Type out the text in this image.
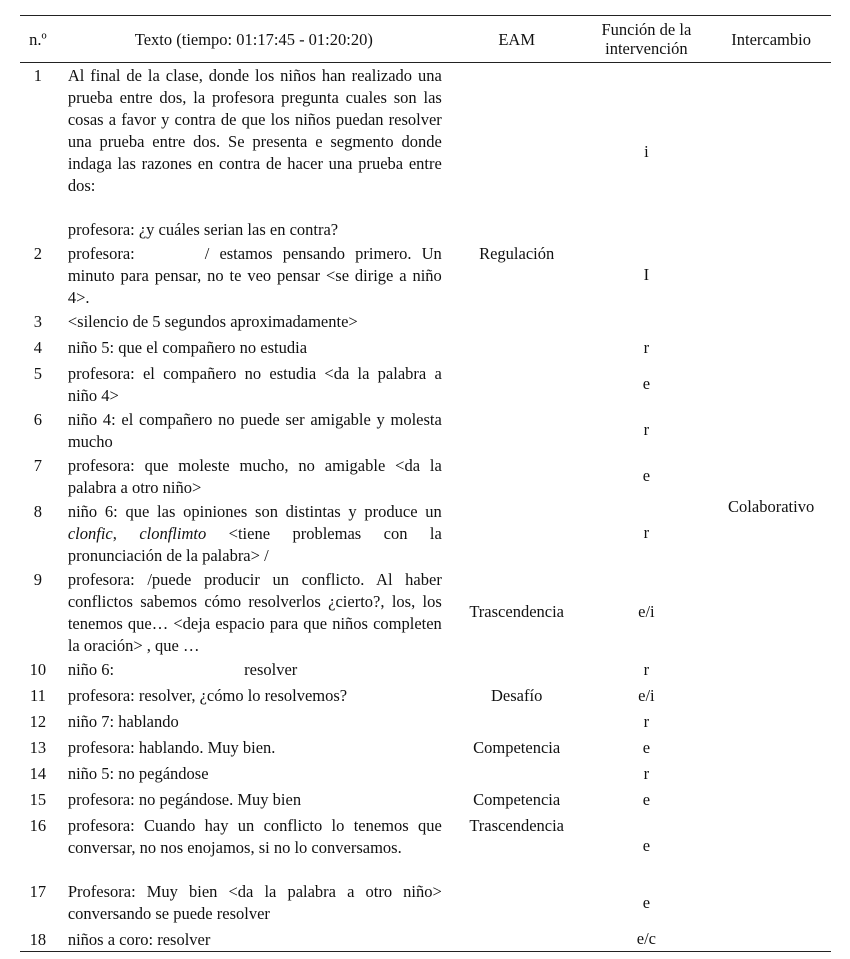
n.º	Texto (tiempo: 01:17:45 - 01:20:20)	EAM	Función de la intervención	Intercambio
1	Al final de la clase, donde los niños han realizado una prueba entre dos, la profesora pregunta cuales son las cosas a favor y contra de que los niños puedan resolver una prueba entre dos. Se presenta e segmento donde indaga las razones en contra de hacer una prueba entre dos:
profesora: ¿y cuáles serian las en contra?		i	Colaborativo
2	profesora: / estamos pensando primero. Un minuto para pensar, no te veo pensar <se dirige a niño 4>.	Regulación	I	
3	<silencio de 5 segundos aproximadamente>			
4	niño 5: que el compañero no estudia		r	
5	profesora: el compañero no estudia <da la palabra a niño 4>		e	
6	niño 4: el compañero no puede ser amigable y molesta mucho		r	
7	profesora: que moleste mucho, no amigable <da la palabra a otro niño>		e	
8	niño 6: que las opiniones son distintas y produce un clonfic, clonflimto <tiene problemas con la pronunciación de la palabra> /		r	
9	profesora: /puede producir un conflicto. Al haber conflictos sabemos cómo resolverlos ¿cierto?, los, los tenemos que… <deja espacio para que niños completen la oración> , que …	Trascendencia	e/i	
10	niño 6: resolver		r	
11	profesora: resolver, ¿cómo lo resolvemos?	Desafío	e/i	
12	niño 7: hablando		r	
13	profesora: hablando. Muy bien.	Competencia	e	
14	niño 5: no pegándose		r	
15	profesora: no pegándose. Muy bien	Competencia	e	
16	profesora: Cuando hay un conflicto lo tenemos que conversar, no nos enojamos, si no lo conversamos.	Trascendencia	e	
17	Profesora: Muy bien <da la palabra a otro niño> conversando se puede resolver		e	
18	niños a coro: resolver		e/c	
